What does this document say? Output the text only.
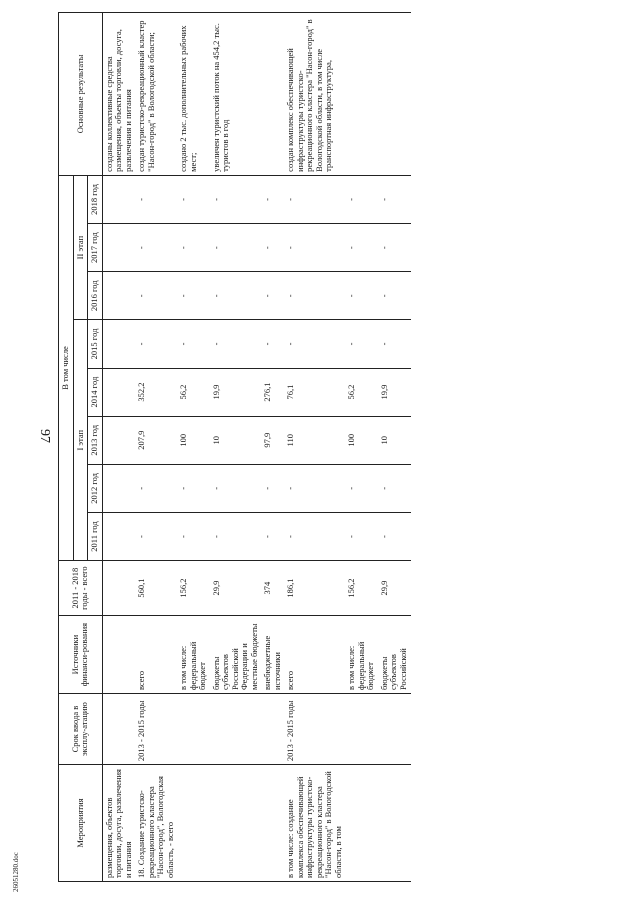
97
26051280.doc
Мероприятия	Срок ввода в эксплу-атацию	Источники финанси-рования	2011 - 2018 годы - всего	В том числе								Основные результаты
				I этап					II этап			
				2011 год	2012 год	2013 год	2014 год	2015 год	2016 год	2017 год	2018 год	
размещения, объектов торговли, досуга, развлечения и питания												созданы коллективные средства размещения, объекты торговли, досуга, развлечения и питания
18. Создание туристско-рекреационного кластера "Насон-город", Вологодская область, - всего	2013 - 2015 годы	всего	560,1	-	-	207,9	352,2	-	-	-	-	создан туристско-рекреационный кластер "Насон-город" в Вологодской области;
		в том числе: федеральный бюджет	156,2	-	-	100	56,2	-	-	-	-	создано 2 тыс. дополнительных рабочих мест;
		бюджеты субъектов Российской Федерации и местные бюджеты	29,9	-	-	10	19,9	-	-	-	-	увеличен туристский поток на 454,2 тыс. туристов в год
		внебюджетные источники	374	-	-	97,9	276,1	-	-	-	-	
в том числе: создание комплекса обеспечивающей инфраструктуры туристско-рекреационного кластера "Насон-город" в Вологодской области, в том	2013 - 2015 годы	всего	186,1	-	-	110	76,1	-	-	-	-	создан комплекс обеспечивающей инфраструктуры туристско-рекреационного кластера "Насон-город" в Вологодской области, в том числе транспортная инфраструктура,
		в том числе: федеральный бюджет	156,2	-	-	100	56,2	-	-	-	-	
		бюджеты субъектов Российской	29,9	-	-	10	19,9	-	-	-	-	
